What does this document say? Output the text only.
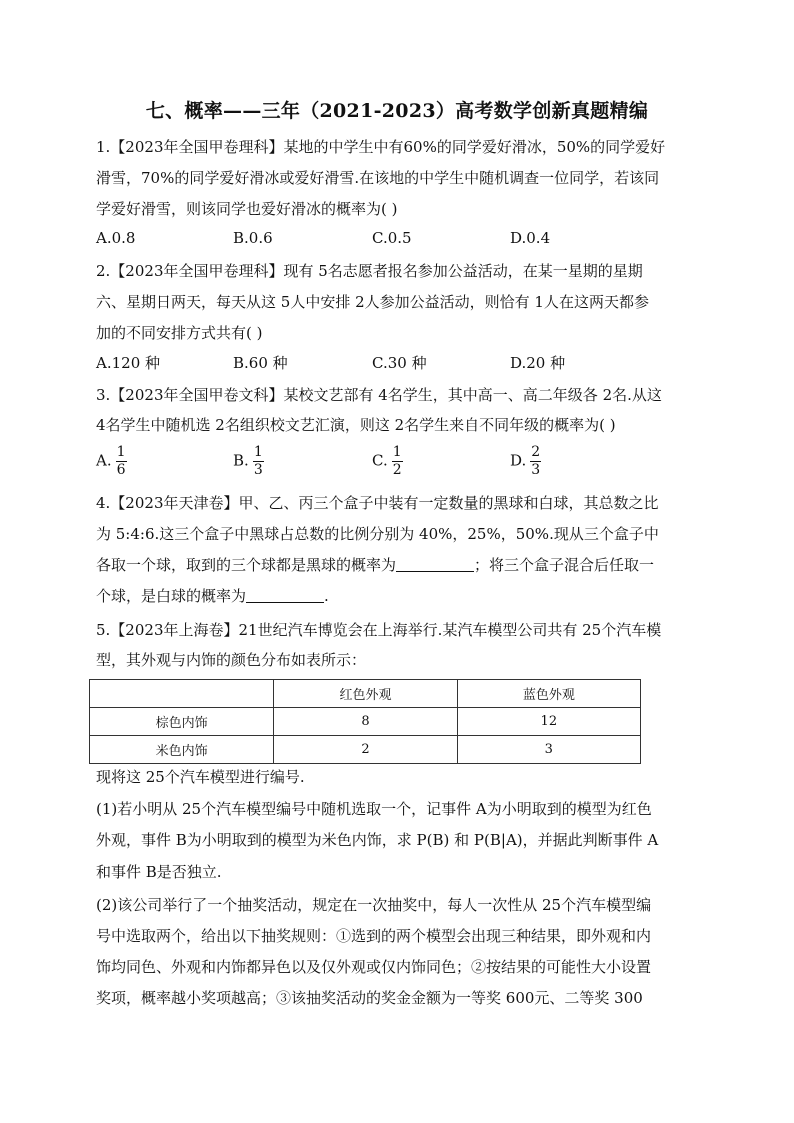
七、概率——三年（2021-2023）高考数学创新真题精编
1.【2023年全国甲卷理科】某地的中学生中有60%的同学爱好滑冰，50%的同学爱好
滑雪，70%的同学爱好滑冰或爱好滑雪.在该地的中学生中随机调查一位同学，若该同
学爱好滑雪，则该同学也爱好滑冰的概率为( )
A.0.8	B.0.6	C.0.5	D.0.4
2.【2023年全国甲卷理科】现有 5名志愿者报名参加公益活动，在某一星期的星期
六、星期日两天，每天从这 5人中安排 2人参加公益活动，则恰有 1人在这两天都参
加的不同安排方式共有( )
A.120 种	B.60 种	C.30 种	D.20 种
3.【2023年全国甲卷文科】某校文艺部有 4名学生，其中高一、高二年级各 2名.从这
4名学生中随机选 2名组织校文艺汇演，则这 2名学生来自不同年级的概率为( )
A. $\frac{1}{6}$	B. $\frac{1}{3}$	C. $\frac{1}{2}$	D. $\frac{2}{3}$
4.【2023年天津卷】甲、乙、丙三个盒子中装有一定数量的黑球和白球，其总数之比
为 5:4:6.这三个盒子中黑球占总数的比例分别为 40%，25%，50%.现从三个盒子中
各取一个球，取到的三个球都是黑球的概率为	；将三个盒子混合后任取一
个球，是白球的概率为	.
5.【2023年上海卷】21世纪汽车博览会在上海举行.某汽车模型公司共有 25个汽车模
型，其外观与内饰的颜色分布如表所示：
	红色外观	蓝色外观
棕色内饰	8	12
米色内饰	2	3
现将这 25个汽车模型进行编号.
(1)若小明从 25个汽车模型编号中随机选取一个，记事件 A为小明取到的模型为红色
外观，事件 B为小明取到的模型为米色内饰，求 P(B) 和 P(B|A)，并据此判断事件 A
和事件 B是否独立.
(2)该公司举行了一个抽奖活动，规定在一次抽奖中，每人一次性从 25个汽车模型编
号中选取两个，给出以下抽奖规则：①选到的两个模型会出现三种结果，即外观和内
饰均同色、外观和内饰都异色以及仅外观或仅内饰同色；②按结果的可能性大小设置
奖项，概率越小奖项越高；③该抽奖活动的奖金金额为一等奖 600元、二等奖 300
